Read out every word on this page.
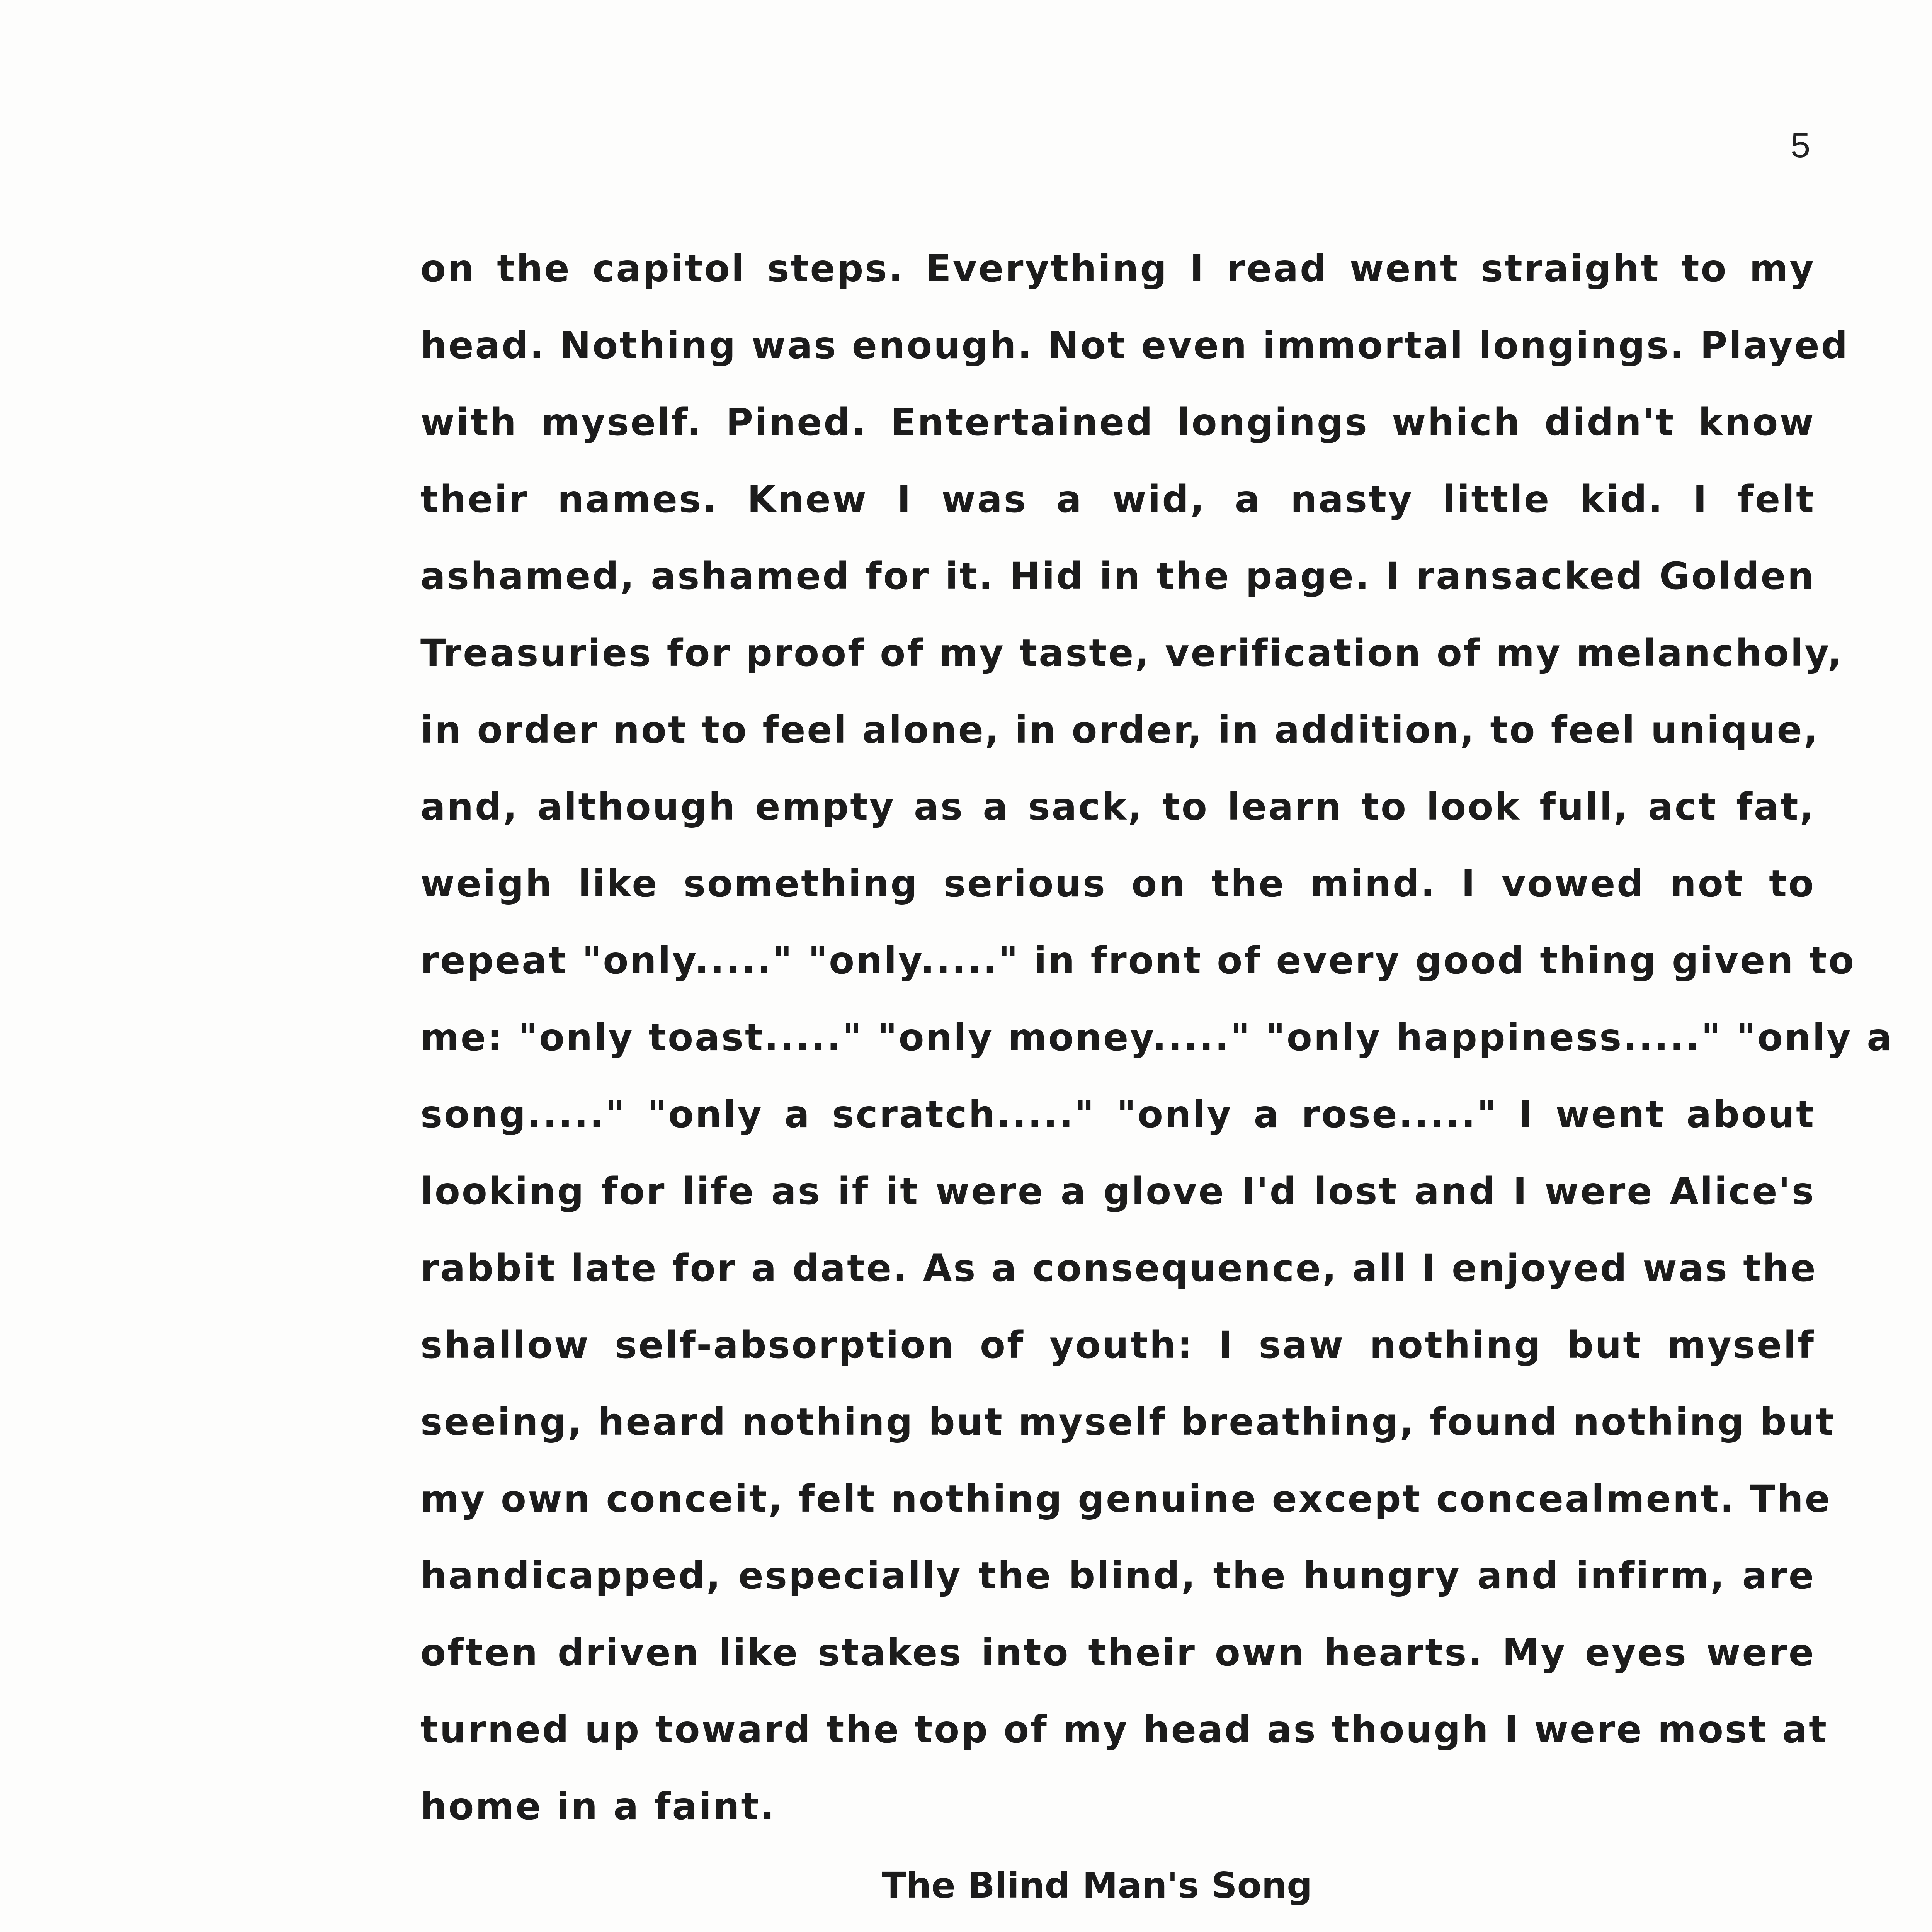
5
on the capitol steps. Everything I read went straight to my
head. Nothing was enough. Not even immortal longings. Played
with myself. Pined. Entertained longings which didn't know
their names. Knew I was a wid, a nasty little kid. I felt
ashamed, ashamed for it. Hid in the page. I ransacked Golden
Treasuries for proof of my taste, verification of my melancholy,
in order not to feel alone, in order, in addition, to feel unique,
and, although empty as a sack, to learn to look full, act fat,
weigh like something serious on the mind. I vowed not to
repeat "only....." "only....." in front of every good thing given to
me: "only toast....." "only money....." "only happiness....." "only a
song....." "only a scratch....." "only a rose....." I went about
looking for life as if it were a glove I'd lost and I were Alice's
rabbit late for a date. As a consequence, all I enjoyed was the
shallow self-absorption of youth: I saw nothing but myself
seeing, heard nothing but myself breathing, found nothing but
my own conceit, felt nothing genuine except concealment. The
handicapped, especially the blind, the hungry and infirm, are
often driven like stakes into their own hearts. My eyes were
turned up toward the top of my head as though I were most at
home in a faint.
The Blind Man's Song
